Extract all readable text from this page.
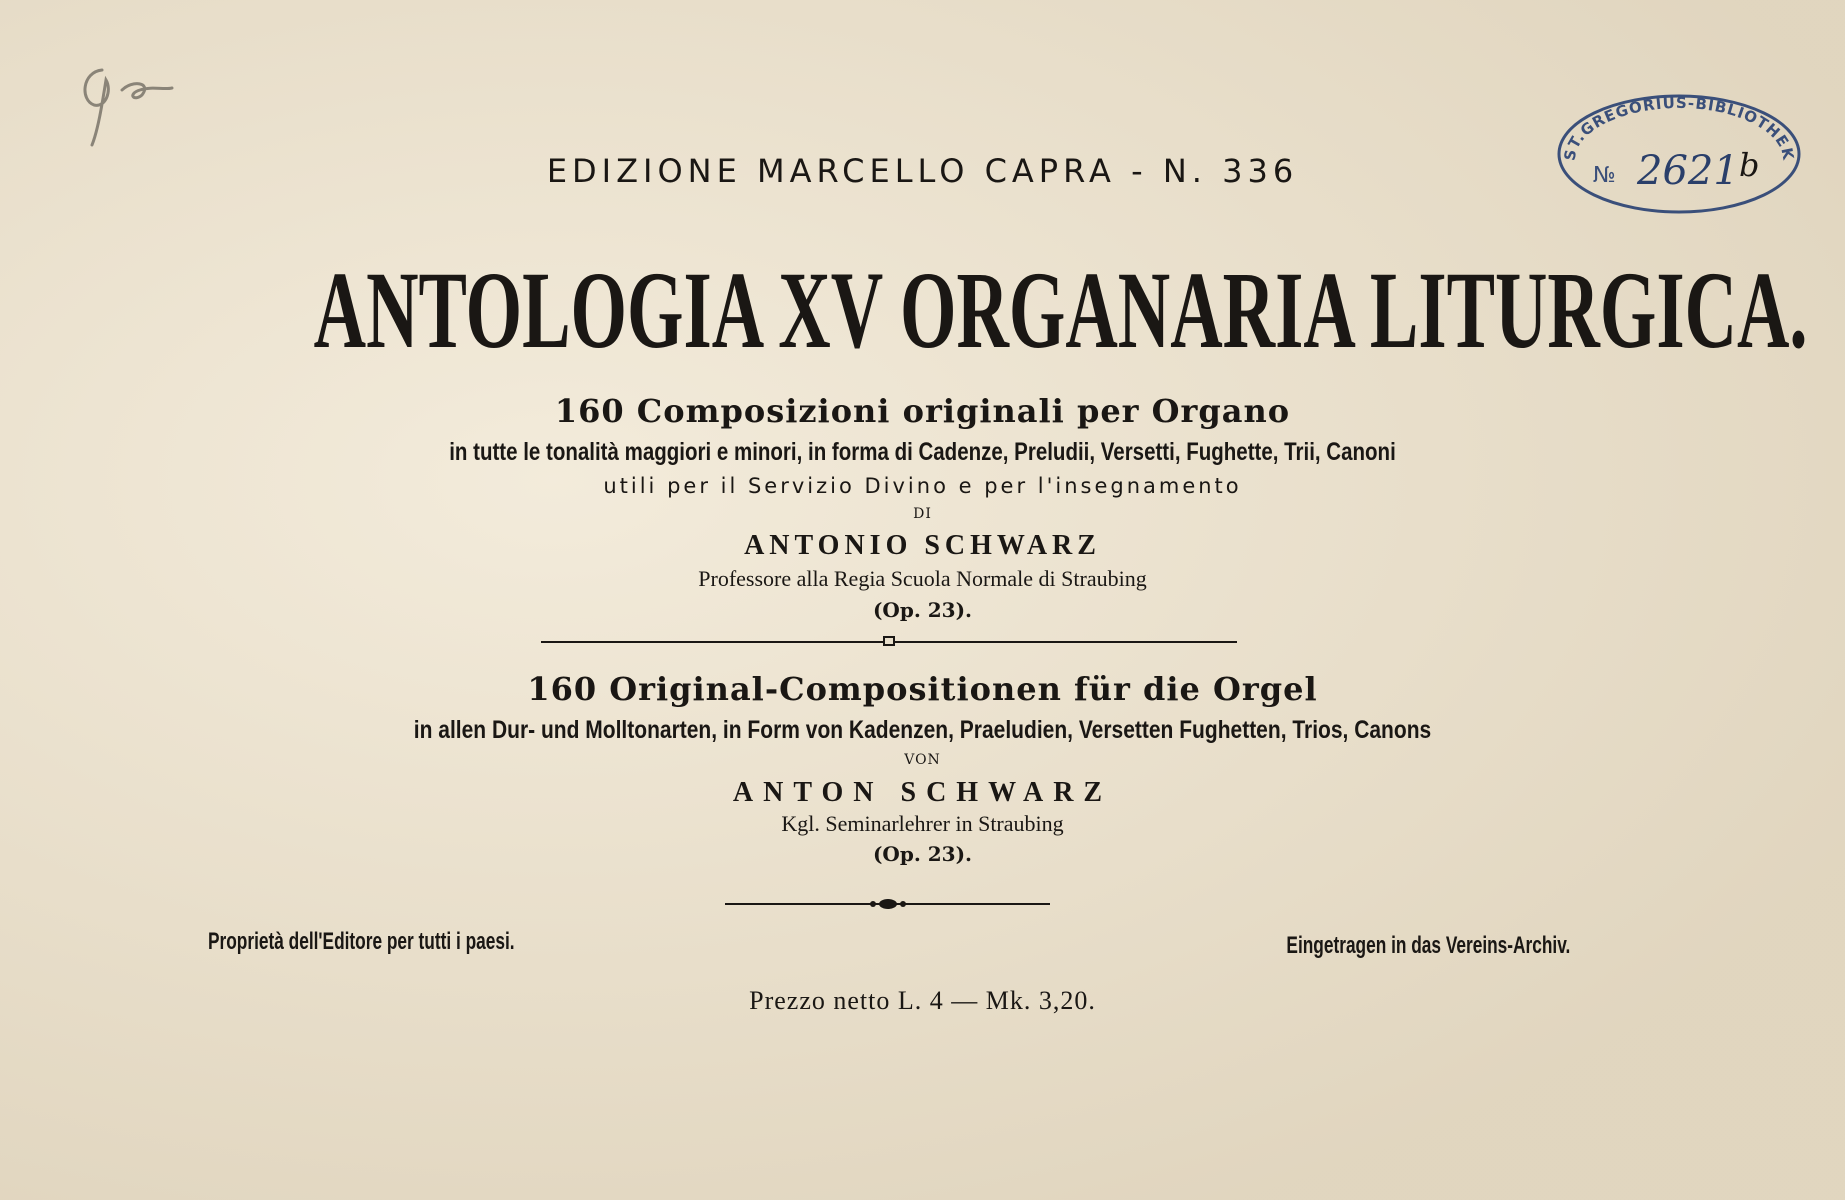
ST.GREGORIUS-BIBLIOTHEK
№ 2621 b
EDIZIONE MARCELLO CAPRA - N. 336
ANTOLOGIA XV ORGANARIA LITURGICA.
160 Composizioni originali per Organo
in tutte le tonalità maggiori e minori, in forma di Cadenze, Preludii, Versetti, Fughette, Trii, Canoni
utili per il Servizio Divino e per l'insegnamento
DI
ANTONIO SCHWARZ
Professore alla Regia Scuola Normale di Straubing
(Op. 23).
160 Original-Compositionen für die Orgel
in allen Dur- und Molltonarten, in Form von Kadenzen, Praeludien, Versetten Fughetten, Trios, Canons
VON
ANTON SCHWARZ
Kgl. Seminarlehrer in Straubing
(Op. 23).
Proprietà dell'Editore per tutti i paesi.	Eingetragen in das Vereins-Archiv.
Prezzo netto L. 4 — Mk. 3,20.
